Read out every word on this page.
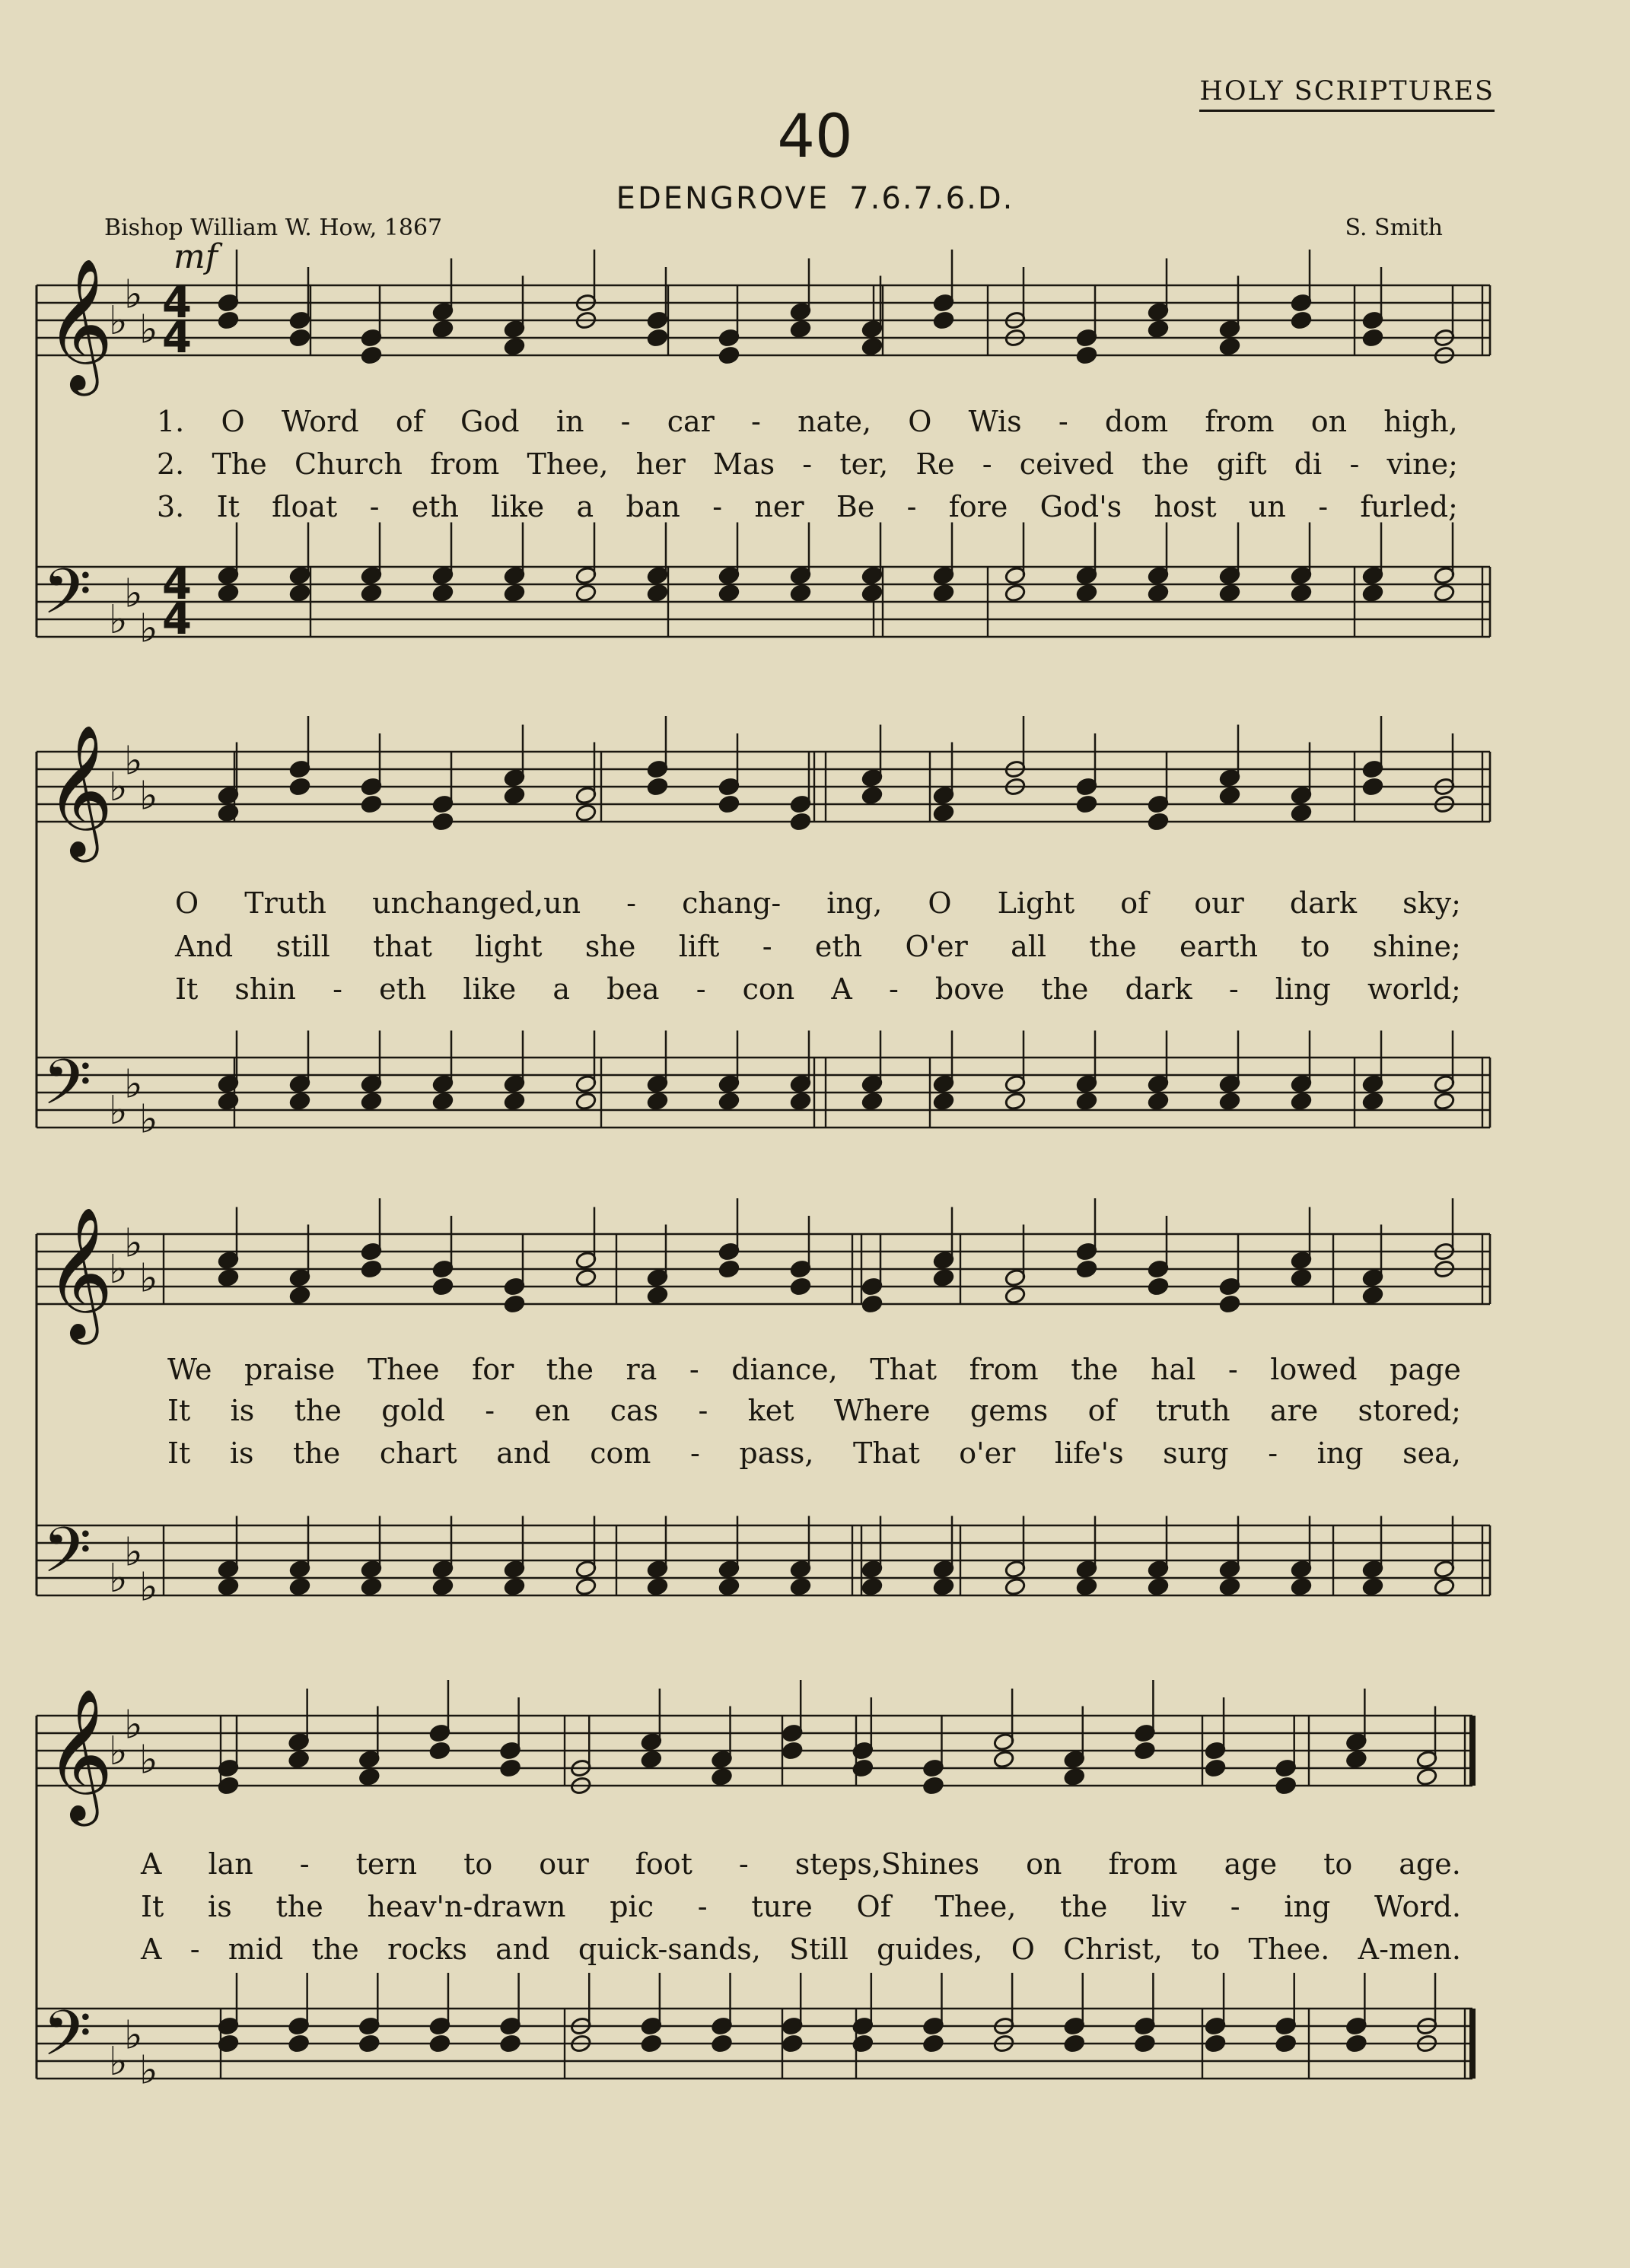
HOLY SCRIPTURES
40
EDENGROVE 7.6.7.6.D.
Bishop William W. How, 1867	S. Smith
mf
𝄞
♭
♭
♭
4
4
𝄢 ♭
♭
♭
4
4
𝄞
♭
♭
♭
𝄢 ♭
♭
♭
𝄞
♭
♭
♭
𝄢 ♭
♭
♭
𝄞
♭
♭
♭
𝄢 ♭
♭
♭
1. O Word of God in - car - nate, O Wis - dom from on high,
2. The Church from Thee, her Mas - ter, Re - ceived the gift di - vine;
3. It float - eth like a ban - ner Be - fore God's host un - furled;
O Truth unchanged,un - chang- ing, O Light of our dark sky;
And still that light she lift - eth O'er all the earth to shine;
It shin - eth like a bea - con A - bove the dark - ling world;
We praise Thee for the ra - diance, That from the hal - lowed page
It is the gold - en cas - ket Where gems of truth are stored;
It is the chart and com - pass, That o'er life's surg - ing sea,
A lan - tern to our foot - steps,Shines on from age to age.
It is the heav'n-drawn pic - ture Of Thee, the liv - ing Word.
A - mid the rocks and quick-sands, Still guides, O Christ, to Thee. A-men.
